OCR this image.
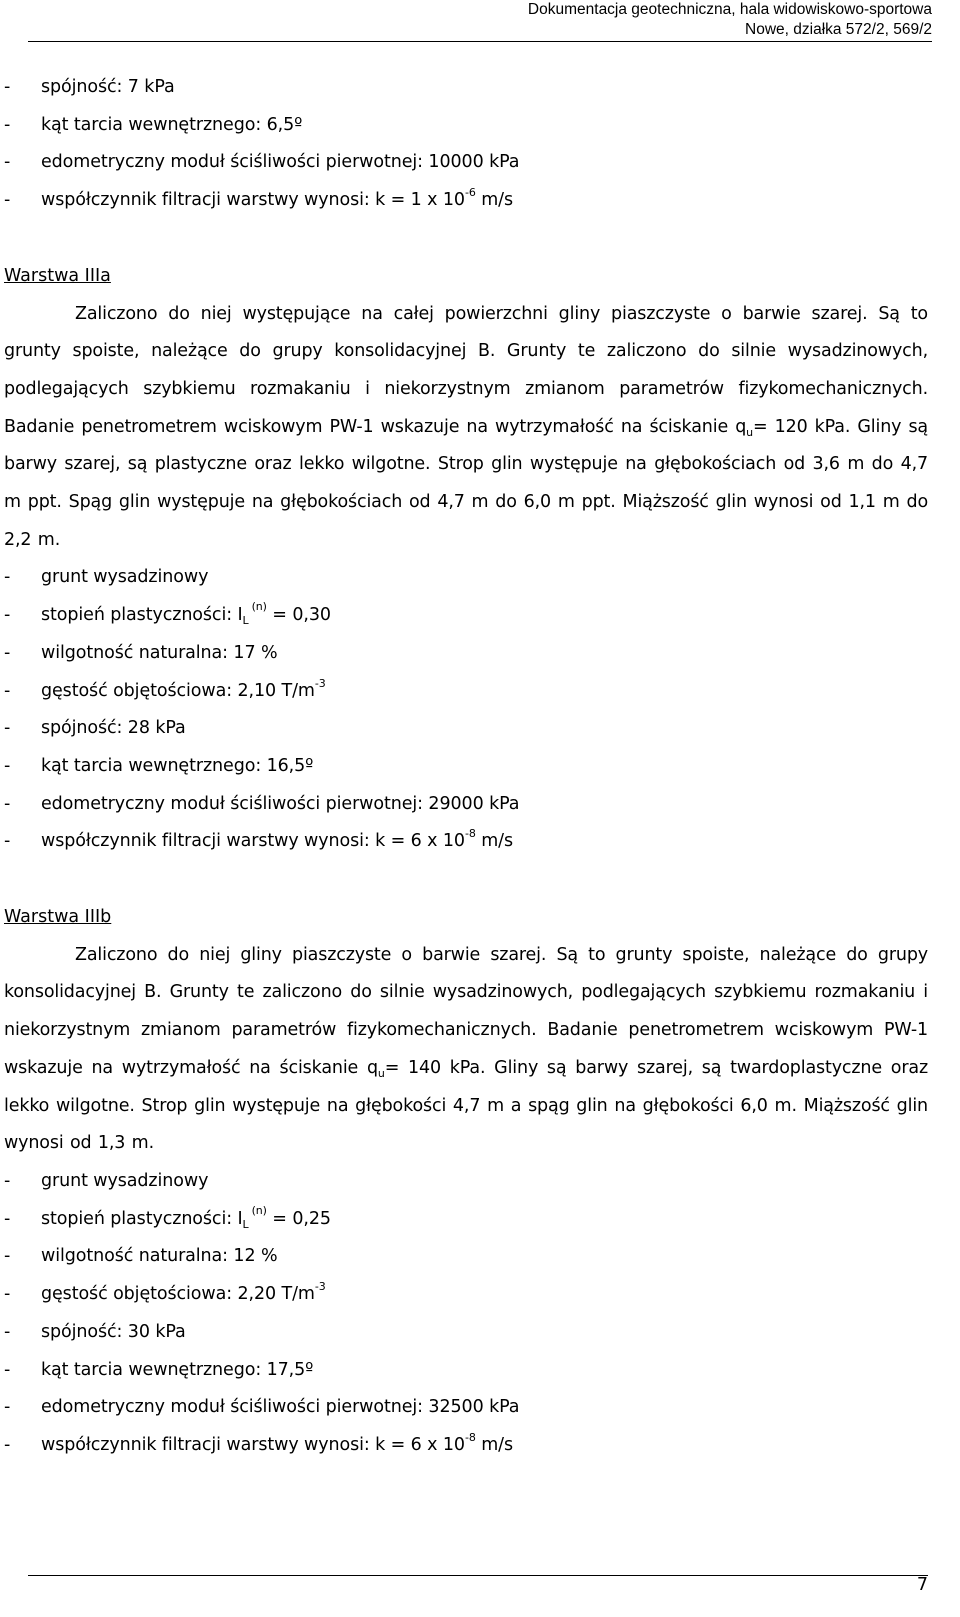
Dokumentacja geotechniczna, hala widowiskowo-sportowa
Nowe, działka 572/2, 569/2
- spójność: 7 kPa
- kąt tarcia wewnętrznego: 6,5º
- edometryczny moduł ściśliwości pierwotnej: 10000 kPa
- współczynnik filtracji warstwy wynosi: k = 1 x $10^{-6}$ m/s
Warstwa IIIa
Zaliczono do niej występujące na całej powierzchni gliny piaszczyste o barwie szarej. Są to grunty spoiste, należące do grupy konsolidacyjnej B. Grunty te zaliczono do silnie wysadzinowych, podlegających szybkiemu rozmakaniu i niekorzystnym zmianom parametrów fizykomechanicznych. Badanie penetrometrem wciskowym PW-1 wskazuje na wytrzymałość na ściskanie $q_u= 120$ kPa. Gliny są barwy szarej, są plastyczne oraz lekko wilgotne. Strop glin występuje na głębokościach od 3,6 m do 4,7 m ppt. Spąg glin występuje na głębokościach od 4,7 m do 6,0 m ppt. Miąższość glin wynosi od 1,1 m do 2,2 m.
- grunt wysadzinowy
- stopień plastyczności: $I_L^{(n)} = 0,30$
- wilgotność naturalna: 17 %
- gęstość objętościowa: 2,10 $T/m^{-3}$
- spójność: 28 kPa
- kąt tarcia wewnętrznego: 16,5º
- edometryczny moduł ściśliwości pierwotnej: 29000 kPa
- współczynnik filtracji warstwy wynosi: k = 6 x $10^{-8}$ m/s
Warstwa IIIb
Zaliczono do niej gliny piaszczyste o barwie szarej. Są to grunty spoiste, należące do grupy konsolidacyjnej B. Grunty te zaliczono do silnie wysadzinowych, podlegających szybkiemu rozmakaniu i niekorzystnym zmianom parametrów fizykomechanicznych. Badanie penetrometrem wciskowym PW-1 wskazuje na wytrzymałość na ściskanie $q_u= 140$ kPa. Gliny są barwy szarej, są twardoplastyczne oraz lekko wilgotne. Strop glin występuje na głębokości 4,7 m a spąg glin na głębokości 6,0 m. Miąższość glin wynosi od 1,3 m.
- grunt wysadzinowy
- stopień plastyczności: $I_L^{(n)} = 0,25$
- wilgotność naturalna: 12 %
- gęstość objętościowa: 2,20 $T/m^{-3}$
- spójność: 30 kPa
- kąt tarcia wewnętrznego: 17,5º
- edometryczny moduł ściśliwości pierwotnej: 32500 kPa
- współczynnik filtracji warstwy wynosi: k = 6 x $10^{-8}$ m/s
7
